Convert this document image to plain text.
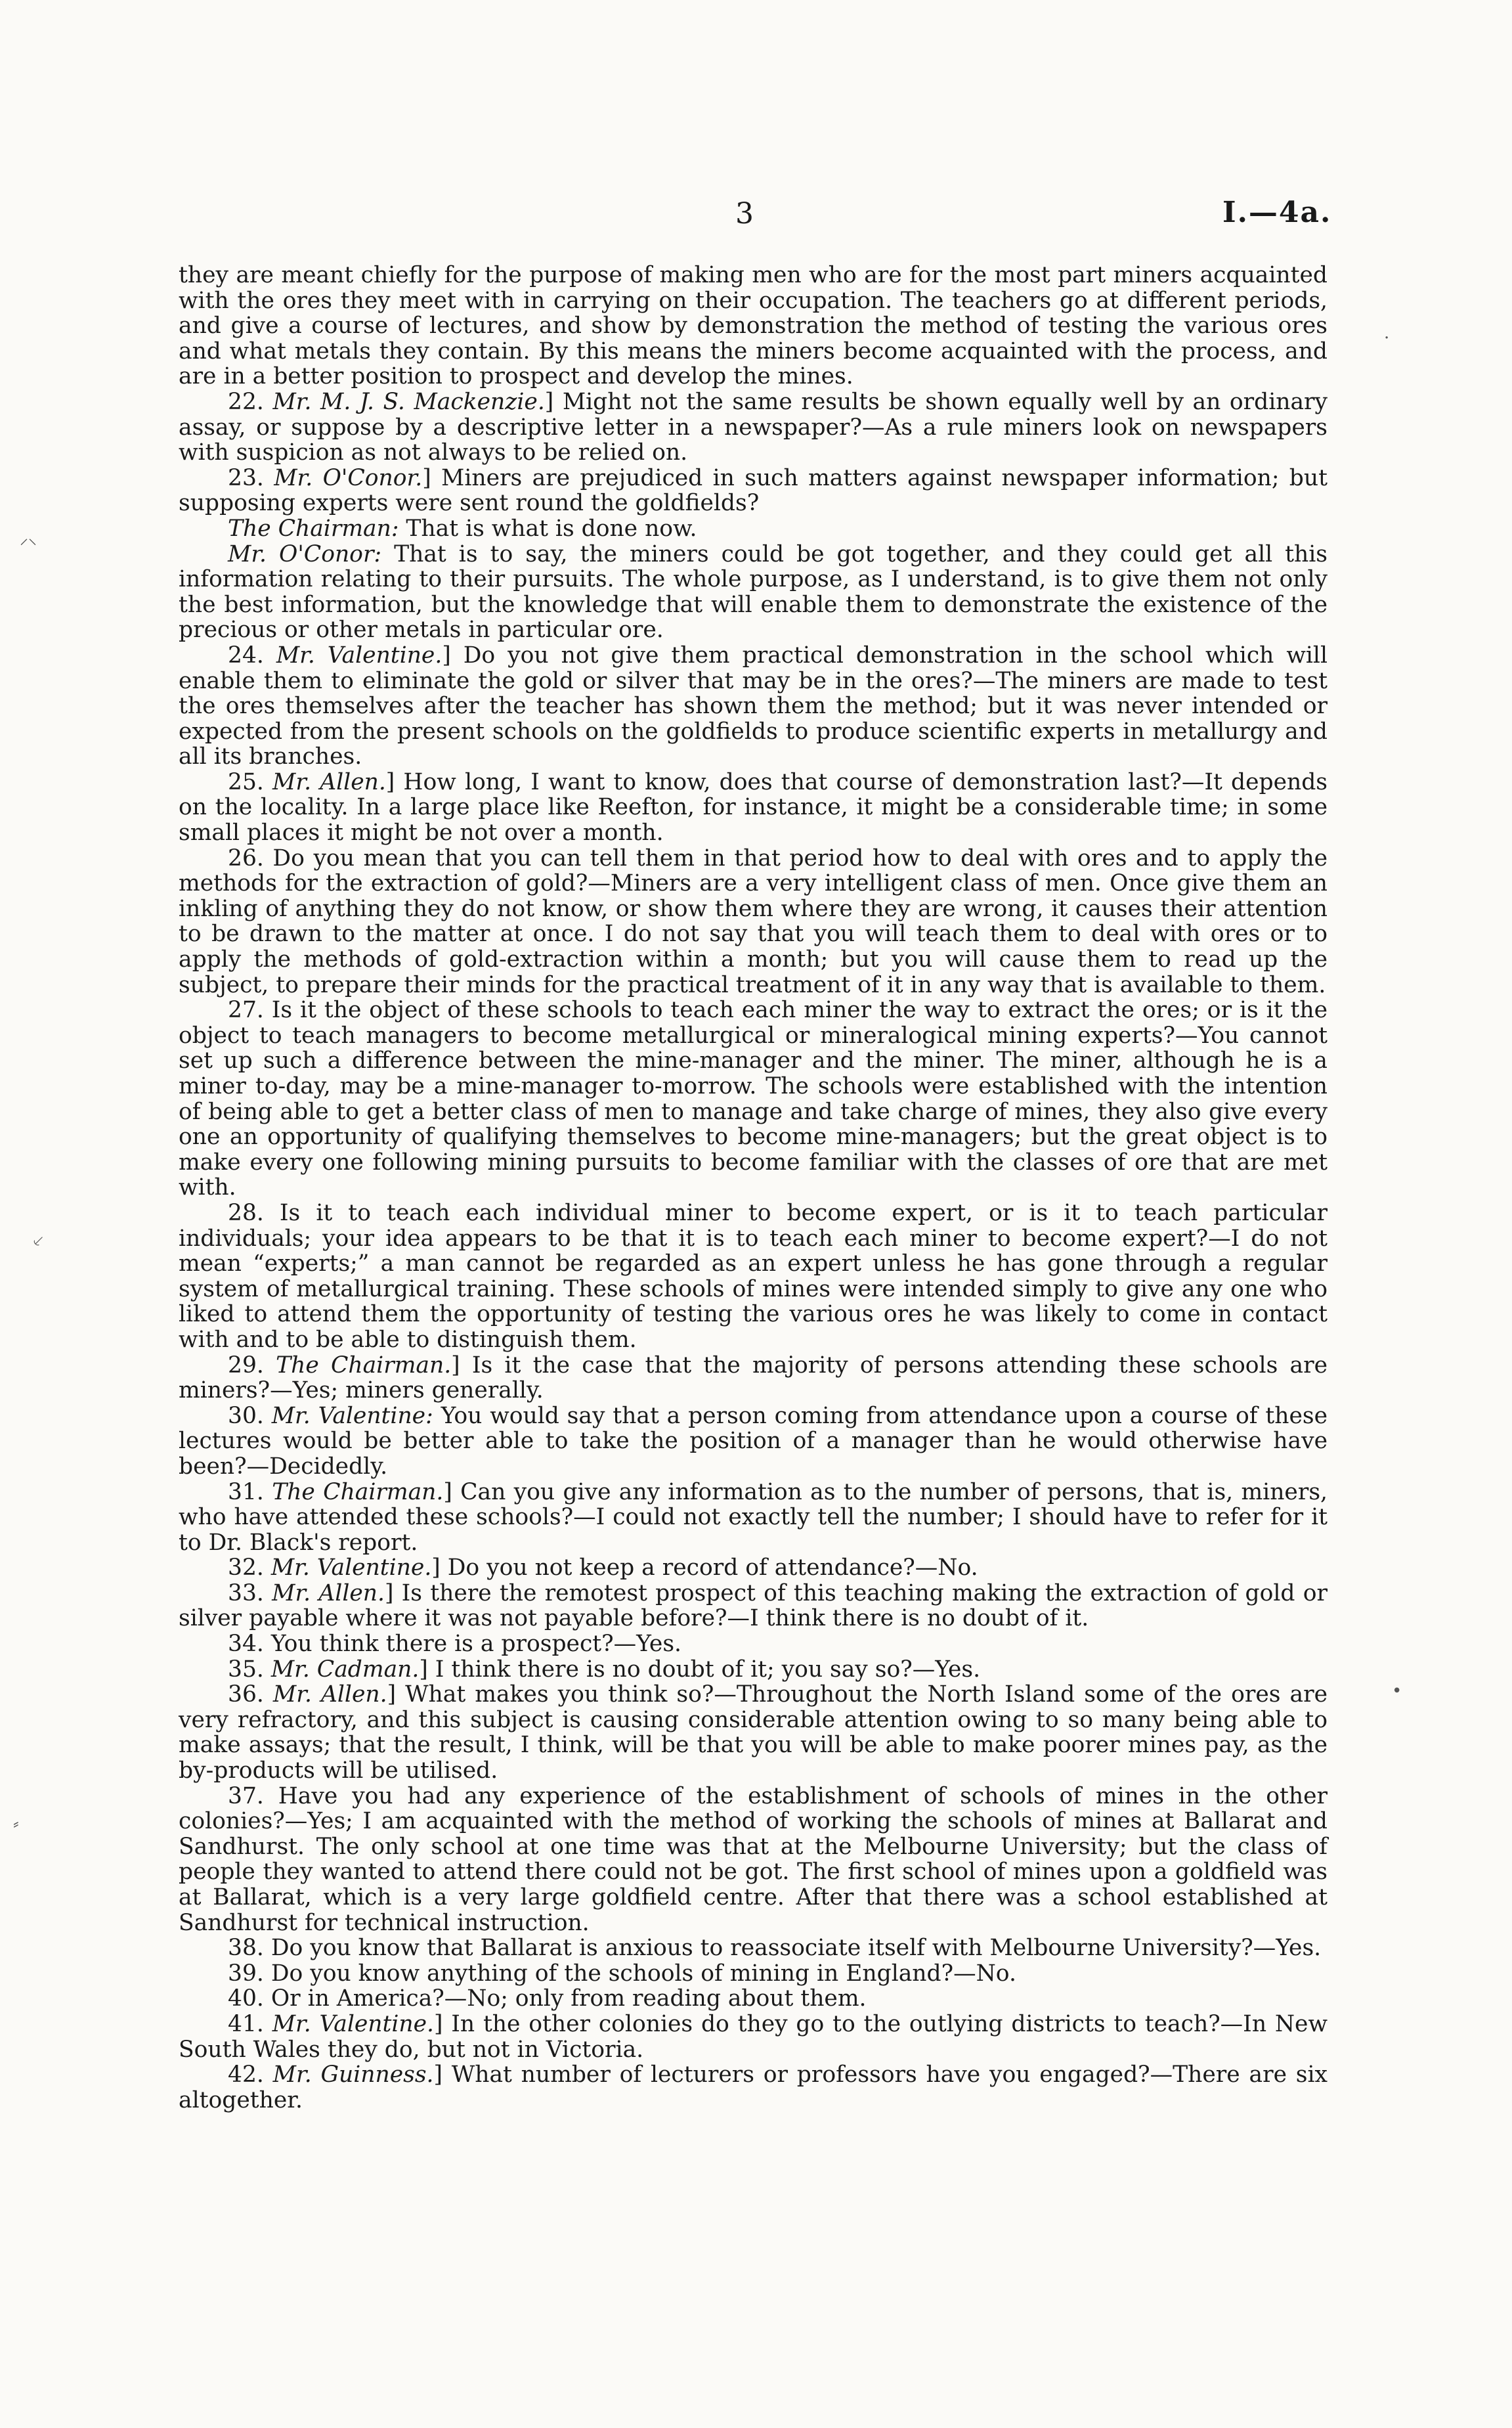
3	I.—4a.
⸝⸜
⸔
⸗
·
•

they are meant chiefly for the purpose of making men who are for the most part miners acquainted with the ores they meet with in carrying on their occupation. The teachers go at different periods, and give a course of lectures, and show by demonstration the method of testing the various ores and what metals they contain. By this means the miners become acquainted with the process, and are in a better position to prospect and develop the mines.

22. Mr. M. J. S. Mackenzie.] Might not the same results be shown equally well by an ordinary assay, or suppose by a descriptive letter in a newspaper?—As a rule miners look on newspapers with suspicion as not always to be relied on.

23. Mr. O'Conor.] Miners are prejudiced in such matters against newspaper information; but supposing experts were sent round the goldfields?

The Chairman: That is what is done now.

Mr. O'Conor: That is to say, the miners could be got together, and they could get all this information relating to their pursuits. The whole purpose, as I understand, is to give them not only the best information, but the knowledge that will enable them to demonstrate the existence of the precious or other metals in particular ore.

24. Mr. Valentine.] Do you not give them practical demonstration in the school which will enable them to eliminate the gold or silver that may be in the ores?—The miners are made to test the ores themselves after the teacher has shown them the method; but it was never intended or expected from the present schools on the goldfields to produce scientific experts in metallurgy and all its branches.

25. Mr. Allen.] How long, I want to know, does that course of demonstration last?—It depends on the locality. In a large place like Reefton, for instance, it might be a considerable time; in some small places it might be not over a month.

26. Do you mean that you can tell them in that period how to deal with ores and to apply the methods for the extraction of gold?—Miners are a very intelligent class of men. Once give them an inkling of anything they do not know, or show them where they are wrong, it causes their attention to be drawn to the matter at once. I do not say that you will teach them to deal with ores or to apply the methods of gold-extraction within a month; but you will cause them to read up the subject, to prepare their minds for the practical treatment of it in any way that is available to them.

27. Is it the object of these schools to teach each miner the way to extract the ores; or is it the object to teach managers to become metallurgical or mineralogical mining experts?—You cannot set up such a difference between the mine-manager and the miner. The miner, although he is a miner to-day, may be a mine-manager to-morrow. The schools were established with the intention of being able to get a better class of men to manage and take charge of mines, they also give every one an opportunity of qualifying themselves to become mine-managers; but the great object is to make every one following mining pursuits to become familiar with the classes of ore that are met with.

28. Is it to teach each individual miner to become expert, or is it to teach particular individuals; your idea appears to be that it is to teach each miner to become expert?—I do not mean “experts;” a man cannot be regarded as an expert unless he has gone through a regular system of metallurgical training. These schools of mines were intended simply to give any one who liked to attend them the opportunity of testing the various ores he was likely to come in contact with and to be able to distinguish them.

29. The Chairman.] Is it the case that the majority of persons attending these schools are miners?—Yes; miners generally.

30. Mr. Valentine: You would say that a person coming from attendance upon a course of these lectures would be better able to take the position of a manager than he would otherwise have been?—Decidedly.

31. The Chairman.] Can you give any information as to the number of persons, that is, miners, who have attended these schools?—I could not exactly tell the number; I should have to refer for it to Dr. Black's report.

32. Mr. Valentine.] Do you not keep a record of attendance?—No.

33. Mr. Allen.] Is there the remotest prospect of this teaching making the extraction of gold or silver payable where it was not payable before?—I think there is no doubt of it.

34. You think there is a prospect?—Yes.

35. Mr. Cadman.] I think there is no doubt of it; you say so?—Yes.

36. Mr. Allen.] What makes you think so?—Throughout the North Island some of the ores are very refractory, and this subject is causing considerable attention owing to so many being able to make assays; that the result, I think, will be that you will be able to make poorer mines pay, as the by-products will be utilised.

37. Have you had any experience of the establishment of schools of mines in the other colonies?—Yes; I am acquainted with the method of working the schools of mines at Ballarat and Sandhurst. The only school at one time was that at the Melbourne University; but the class of people they wanted to attend there could not be got. The first school of mines upon a goldfield was at Ballarat, which is a very large goldfield centre. After that there was a school established at Sandhurst for technical instruction.

38. Do you know that Ballarat is anxious to reassociate itself with Melbourne University?—Yes.

39. Do you know anything of the schools of mining in England?—No.

40. Or in America?—No; only from reading about them.

41. Mr. Valentine.] In the other colonies do they go to the outlying districts to teach?—In New South Wales they do, but not in Victoria.

42. Mr. Guinness.] What number of lecturers or professors have you engaged?—There are six altogether.
